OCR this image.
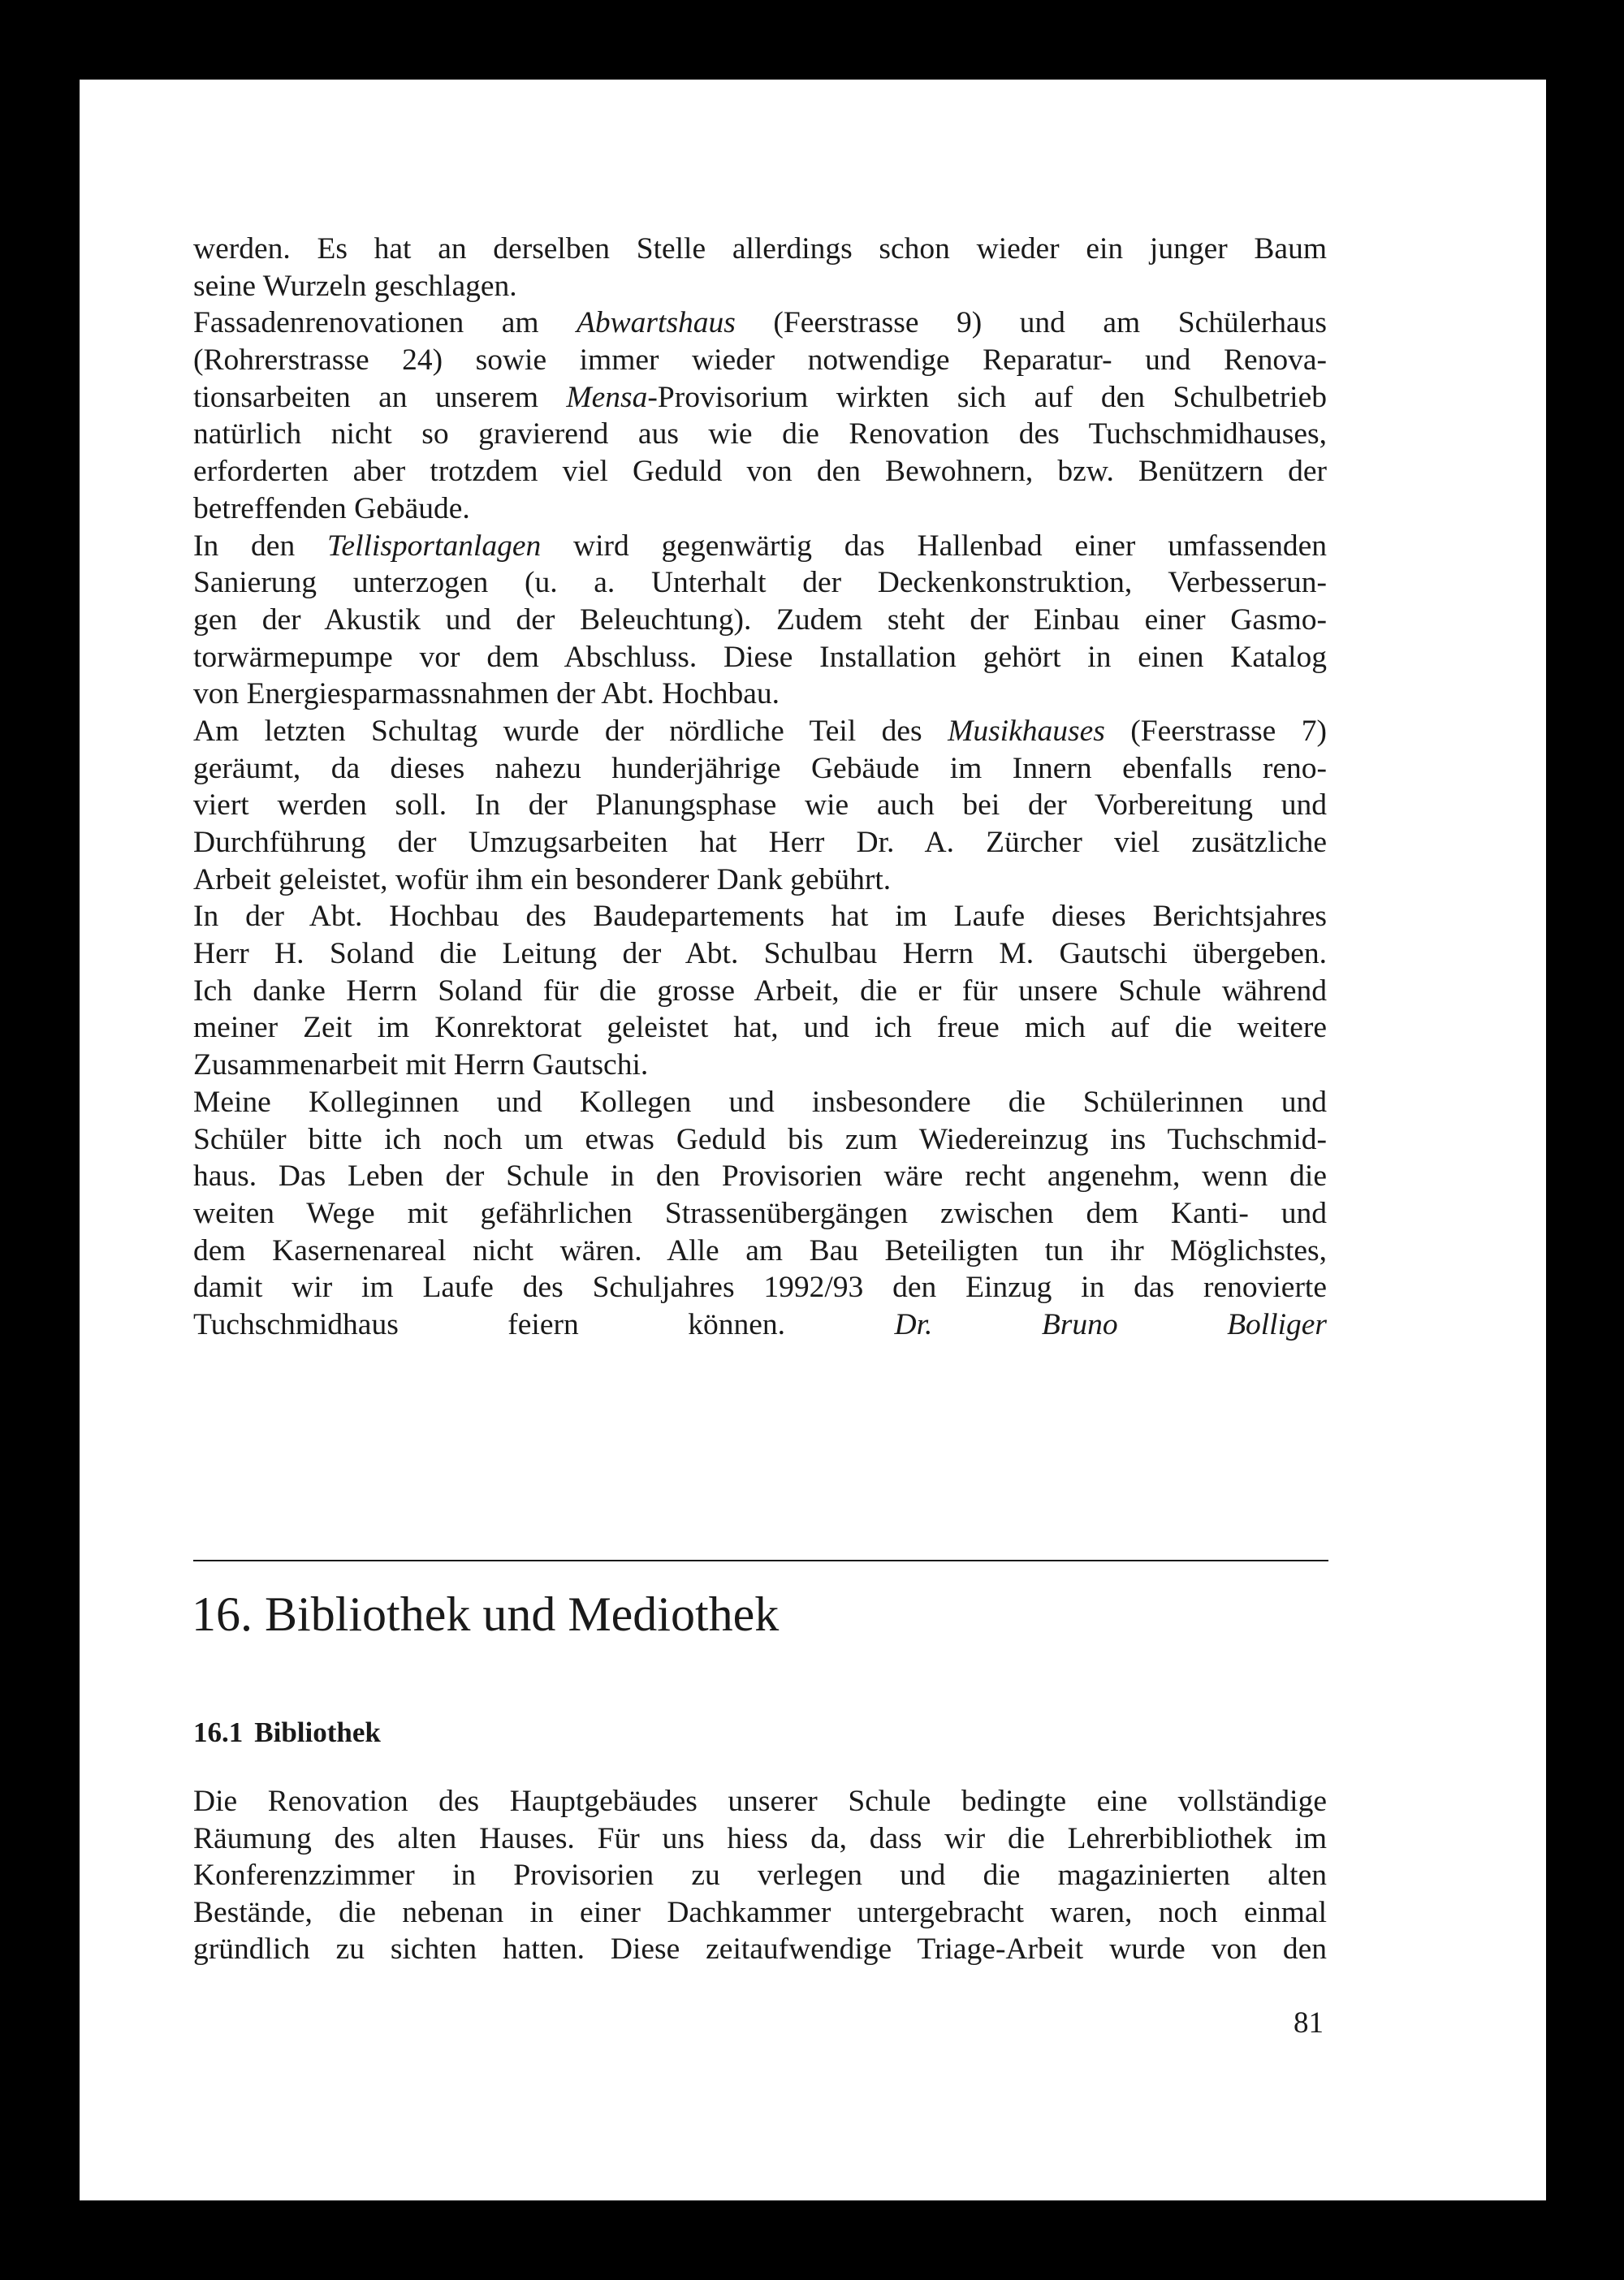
werden. Es hat an derselben Stelle allerdings schon wieder ein junger Baum
seine Wurzeln geschlagen.
Fassadenrenovationen am Abwartshaus (Feerstrasse 9) und am Schülerhaus
(Rohrerstrasse 24) sowie immer wieder notwendige Reparatur- und Renova-
tionsarbeiten an unserem Mensa-Provisorium wirkten sich auf den Schulbetrieb
natürlich nicht so gravierend aus wie die Renovation des Tuchschmidhauses,
erforderten aber trotzdem viel Geduld von den Bewohnern, bzw. Benützern der
betreffenden Gebäude.
In den Tellisportanlagen wird gegenwärtig das Hallenbad einer umfassenden
Sanierung unterzogen (u. a. Unterhalt der Deckenkonstruktion, Verbesserun-
gen der Akustik und der Beleuchtung). Zudem steht der Einbau einer Gasmo-
torwärmepumpe vor dem Abschluss. Diese Installation gehört in einen Katalog
von Energiesparmassnahmen der Abt. Hochbau.
Am letzten Schultag wurde der nördliche Teil des Musikhauses (Feerstrasse 7)
geräumt, da dieses nahezu hunderjährige Gebäude im Innern ebenfalls reno-
viert werden soll. In der Planungsphase wie auch bei der Vorbereitung und
Durchführung der Umzugsarbeiten hat Herr Dr. A. Zürcher viel zusätzliche
Arbeit geleistet, wofür ihm ein besonderer Dank gebührt.
In der Abt. Hochbau des Baudepartements hat im Laufe dieses Berichtsjahres
Herr H. Soland die Leitung der Abt. Schulbau Herrn M. Gautschi übergeben.
Ich danke Herrn Soland für die grosse Arbeit, die er für unsere Schule während
meiner Zeit im Konrektorat geleistet hat, und ich freue mich auf die weitere
Zusammenarbeit mit Herrn Gautschi.
Meine Kolleginnen und Kollegen und insbesondere die Schülerinnen und
Schüler bitte ich noch um etwas Geduld bis zum Wiedereinzug ins Tuchschmid-
haus. Das Leben der Schule in den Provisorien wäre recht angenehm, wenn die
weiten Wege mit gefährlichen Strassenübergängen zwischen dem Kanti- und
dem Kasernenareal nicht wären. Alle am Bau Beteiligten tun ihr Möglichstes,
damit wir im Laufe des Schuljahres 1992/93 den Einzug in das renovierte
Tuchschmidhaus feiern können.	Dr. Bruno Bolliger
16. Bibliothek und Mediothek
16.1 Bibliothek
Die Renovation des Hauptgebäudes unserer Schule bedingte eine vollständige
Räumung des alten Hauses. Für uns hiess da, dass wir die Lehrerbibliothek im
Konferenzzimmer in Provisorien zu verlegen und die magazinierten alten
Bestände, die nebenan in einer Dachkammer untergebracht waren, noch einmal
gründlich zu sichten hatten. Diese zeitaufwendige Triage-Arbeit wurde von den
81
